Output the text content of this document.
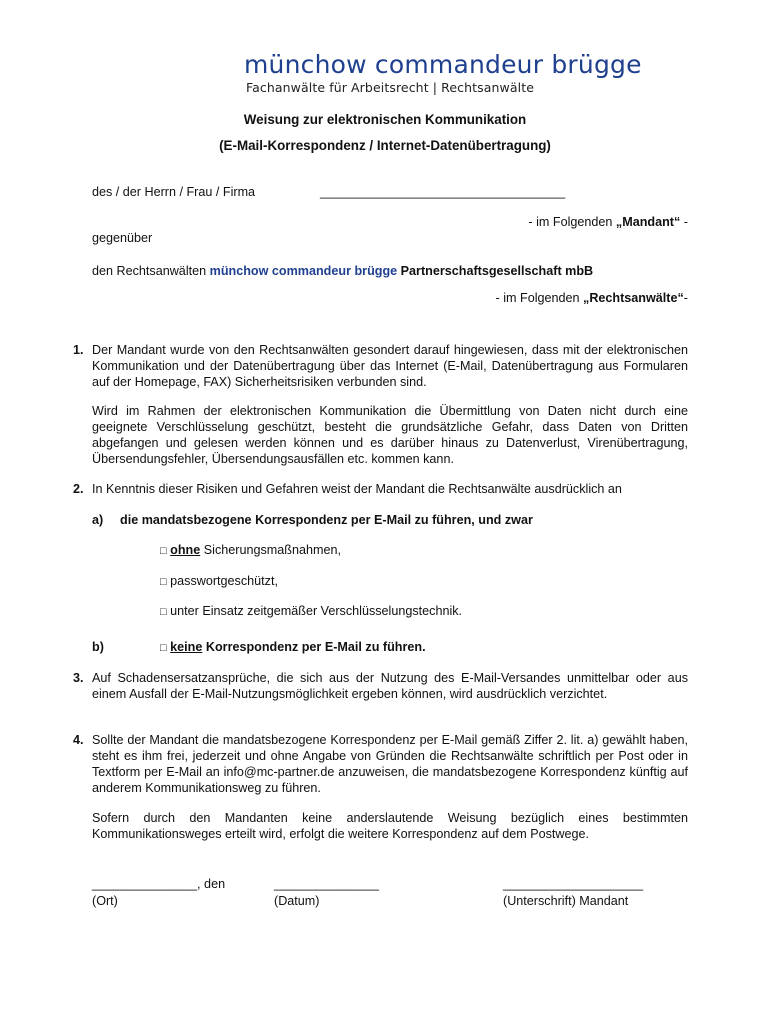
münchow commandeur brügge
Fachanwälte für Arbeitsrecht | Rechtsanwälte
Weisung zur elektronischen Kommunikation
(E-Mail-Korrespondenz / Internet-Datenübertragung)
des / der Herrn / Frau / Firma	___________________________________
- im Folgenden „Mandant“ -
gegenüber
den Rechtsanwälten münchow commandeur brügge Partnerschaftsgesellschaft mbB
- im Folgenden „Rechtsanwälte“-
1. Der Mandant wurde von den Rechtsanwälten gesondert darauf hingewiesen, dass mit der elektronischen Kommunikation und der Datenübertragung über das Internet (E-Mail, Datenübertragung aus Formularen auf der Homepage, FAX) Sicherheitsrisiken verbunden sind.
Wird im Rahmen der elektronischen Kommunikation die Übermittlung von Daten nicht durch eine geeignete Verschlüsselung geschützt, besteht die grundsätzliche Gefahr, dass Daten von Dritten abgefangen und gelesen werden können und es darüber hinaus zu Datenverlust, Virenübertragung, Übersendungsfehler, Übersendungsausfällen etc. kommen kann.
2. In Kenntnis dieser Risiken und Gefahren weist der Mandant die Rechtsanwälte ausdrücklich an
a) die mandatsbezogene Korrespondenz per E-Mail zu führen, und zwar
□ ohne Sicherungsmaßnahmen,
□ passwortgeschützt,
□ unter Einsatz zeitgemäßer Verschlüsselungstechnik.
b)	□ keine Korrespondenz per E-Mail zu führen.
3. Auf Schadensersatzansprüche, die sich aus der Nutzung des E-Mail-Versandes unmittelbar oder aus einem Ausfall der E-Mail-Nutzungsmöglichkeit ergeben können, wird ausdrücklich verzichtet.
4. Sollte der Mandant die mandatsbezogene Korrespondenz per E-Mail gemäß Ziffer 2. lit. a) gewählt haben, steht es ihm frei, jederzeit und ohne Angabe von Gründen die Rechtsanwälte schriftlich per Post oder in Textform per E-Mail an info@mc-partner.de anzuweisen, die mandatsbezogene Korrespondenz künftig auf anderem Kommunikationsweg zu führen.
Sofern durch den Mandanten keine anderslautende Weisung bezüglich eines bestimmten Kommunikationsweges erteilt wird, erfolgt die weitere Korrespondenz auf dem Postwege.
_______________, den	_______________	____________________
(Ort)	(Datum)	(Unterschrift) Mandant
